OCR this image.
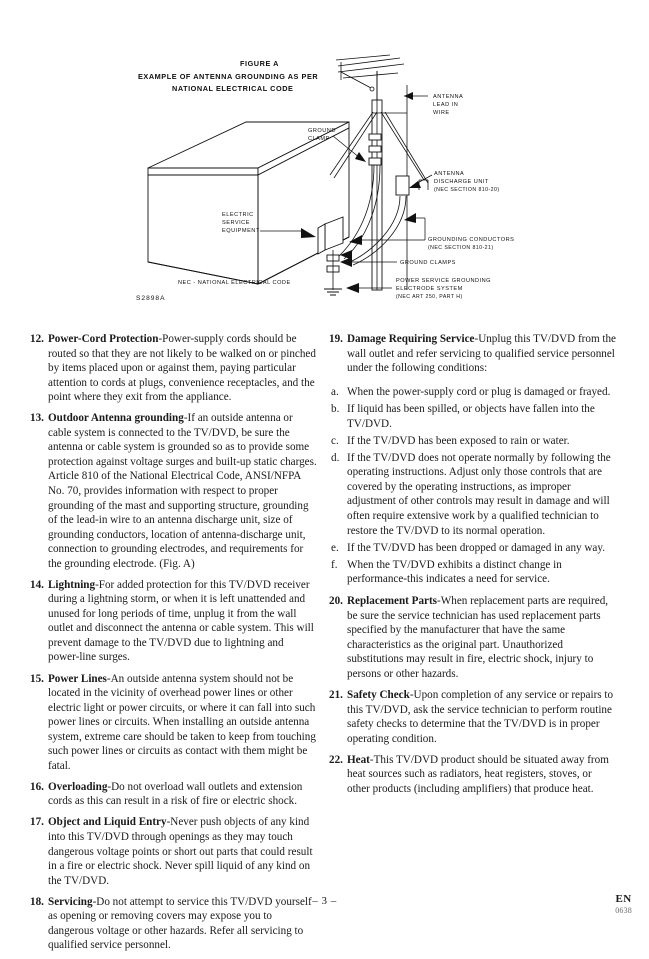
FIGURE A
EXAMPLE OF ANTENNA GROUNDING AS PER
NATIONAL ELECTRICAL CODE
ANTENNA
LEAD IN
WIRE
GROUND
CLAMP
ANTENNA
DISCHARGE UNIT
(NEC SECTION 810-20)
ELECTRIC
SERVICE
EQUIPMENT
GROUNDING CONDUCTORS
(NEC SECTION 810-21)
GROUND CLAMPS
POWER SERVICE GROUNDING
ELECTRODE SYSTEM
(NEC ART 250, PART H)
NEC - NATIONAL ELECTRICAL CODE
S2898A
12. Power-Cord Protection-Power-supply cords should be routed so that they are not likely to be walked on or pinched by items placed upon or against them, paying particular attention to cords at plugs, convenience receptacles, and the point where they exit from the appliance.
13. Outdoor Antenna grounding-If an outside antenna or cable system is connected to the TV/DVD, be sure the antenna or cable system is grounded so as to provide some protection against voltage surges and built-up static charges. Article 810 of the National Electrical Code, ANSI/NFPA No. 70, provides information with respect to proper grounding of the mast and supporting structure, grounding of the lead-in wire to an antenna discharge unit, size of grounding conductors, location of antenna-discharge unit, connection to grounding electrodes, and requirements for the grounding electrode. (Fig. A)
14. Lightning-For added protection for this TV/DVD receiver during a lightning storm, or when it is left unattended and unused for long periods of time, unplug it from the wall outlet and disconnect the antenna or cable system. This will prevent damage to the TV/DVD due to lightning and power-line surges.
15. Power Lines-An outside antenna system should not be located in the vicinity of overhead power lines or other electric light or power circuits, or where it can fall into such power lines or circuits. When installing an outside antenna system, extreme care should be taken to keep from touching such power lines or circuits as contact with them might be fatal.
16. Overloading-Do not overload wall outlets and extension cords as this can result in a risk of fire or electric shock.
17. Object and Liquid Entry-Never push objects of any kind into this TV/DVD through openings as they may touch dangerous voltage points or short out parts that could result in a fire or electric shock. Never spill liquid of any kind on the TV/DVD.
18. Servicing-Do not attempt to service this TV/DVD yourself as opening or removing covers may expose you to dangerous voltage or other hazards. Refer all servicing to qualified service personnel.
19. Damage Requiring Service-Unplug this TV/DVD from the wall outlet and refer servicing to qualified service personnel under the following conditions:
a. When the power-supply cord or plug is damaged or frayed.
b. If liquid has been spilled, or objects have fallen into the TV/DVD.
c. If the TV/DVD has been exposed to rain or water.
d. If the TV/DVD does not operate normally by following the operating instructions. Adjust only those controls that are covered by the operating instructions, as improper adjustment of other controls may result in damage and will often require extensive work by a qualified technician to restore the TV/DVD to its normal operation.
e. If the TV/DVD has been dropped or damaged in any way.
f. When the TV/DVD exhibits a distinct change in performance-this indicates a need for service.
20. Replacement Parts-When replacement parts are required, be sure the service technician has used replacement parts specified by the manufacturer that have the same characteristics as the original part. Unauthorized substitutions may result in fire, electric shock, injury to persons or other hazards.
21. Safety Check-Upon completion of any service or repairs to this TV/DVD, ask the service technician to perform routine safety checks to determine that the TV/DVD is in proper operating condition.
22. Heat-This TV/DVD product should be situated away from heat sources such as radiators, heat registers, stoves, or other products (including amplifiers) that produce heat.
– 3 –	EN
0638
